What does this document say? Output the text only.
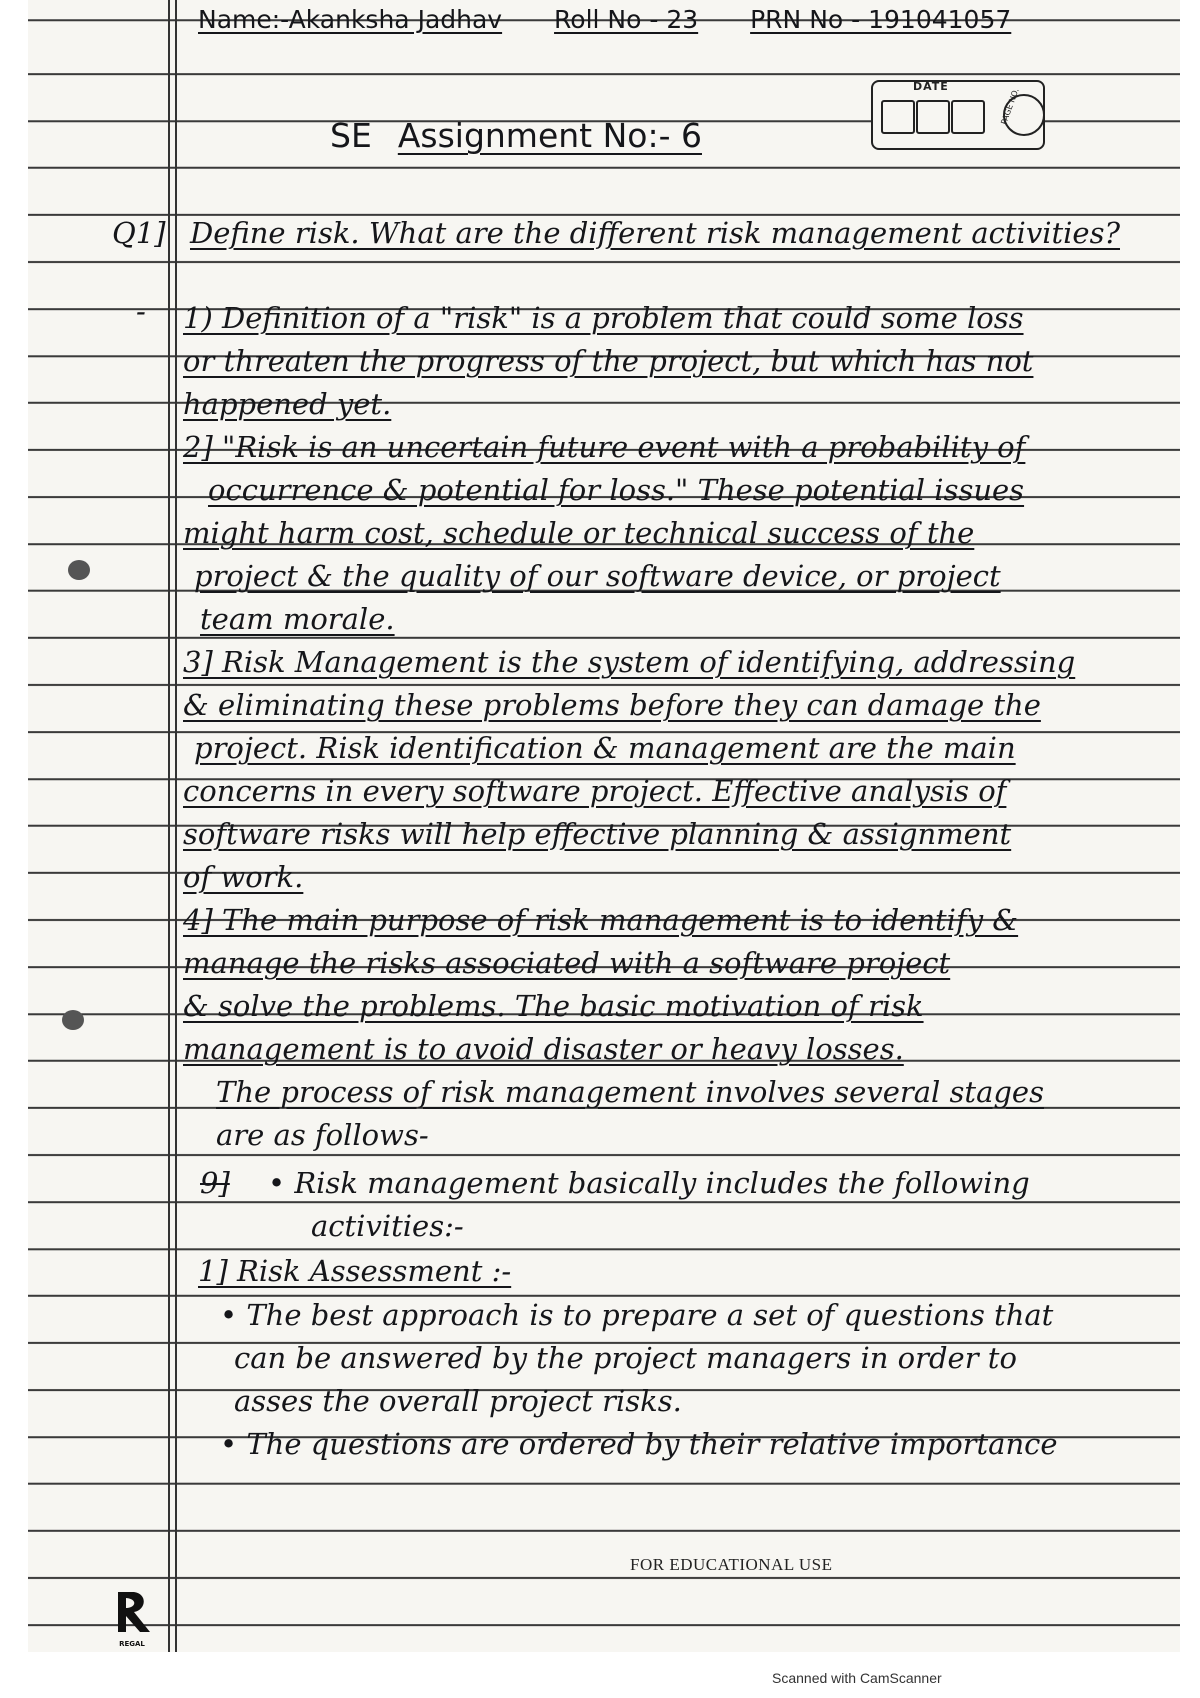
Name:-Akanksha Jadhav Roll No - 23 PRN No - 191041057
DATE
PAGE NO.
SE Assignment No:- 6
Q1] Define risk. What are the different risk management activities?
- 1) Definition of a "risk" is a problem that could some loss
or threaten the progress of the project, but which has not
happened yet.
2] "Risk is an uncertain future event with a probability of
occurrence & potential for loss." These potential issues
might harm cost, schedule or technical success of the
project & the quality of our software device, or project
team morale.
3] Risk Management is the system of identifying, addressing
& eliminating these problems before they can damage the
project. Risk identification & management are the main
concerns in every software project. Effective analysis of
software risks will help effective planning & assignment
of work.
4] The main purpose of risk management is to identify &
manage the risks associated with a software project
& solve the problems. The basic motivation of risk
management is to avoid disaster or heavy losses.
The process of risk management involves several stages
are as follows-
9] • Risk management basically includes the following
activities:-
1] Risk Assessment :-
• The best approach is to prepare a set of questions that
can be answered by the project managers in order to
asses the overall project risks.
• The questions are ordered by their relative importance
FOR EDUCATIONAL USE
REGAL
Scanned with CamScanner
